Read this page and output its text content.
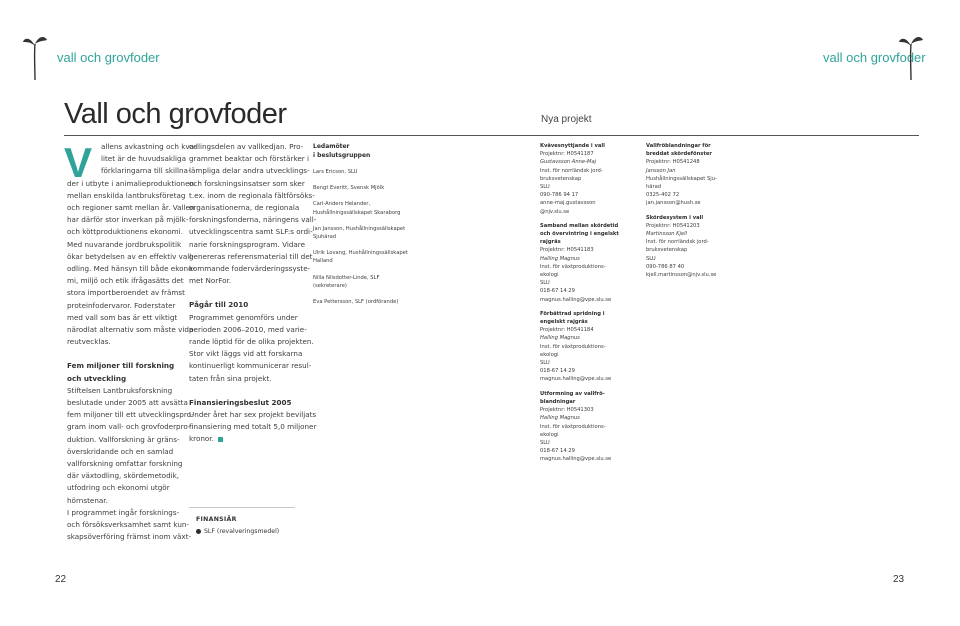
vall och grovfoder	vall och grovfoder
Vall och grovfoder	Nya projekt
V	allens avkastning och kva-

litet är de huvudsakliga

förklaringarna till skillna-

der i utbyte i animalieproduktionen

mellan enskilda lantbruksföretag

och regioner samt mellan år. Vallen

har därför stor inverkan på mjölk-

och köttproduktionens ekonomi.

Med nuvarande jordbrukspolitik

ökar betydelsen av en effektiv vall-

odling. Med hänsyn till både ekono-

mi, miljö och etik ifrågasätts det

stora importberoendet av främst

proteinfodervaror. Foderstater

med vall som bas är ett viktigt

närodlat alternativ som måste vida-

reutvecklas.

Fem miljoner till forskning

och utveckling

Stiftelsen Lantbruksforskning

beslutade under 2005 att avsätta

fem miljoner till ett utvecklingspro-

gram inom vall- och grovfoderpro-

duktion. Vallforskning är gräns-

överskridande och en samlad

vallforskning omfattar forskning

där växtodling, skördemetodik,

utfodring och ekonomi utgör

hörnstenar.

I programmet ingår forsknings-

och försöksverksamhet samt kun-

skapsöverföring främst inom växt-

odlingsdelen av vallkedjan. Pro-

grammet beaktar och förstärker i

lämpliga delar andra utvecklings-

och forskningsinsatser som sker

t.ex. inom de regionala fältförsöks-

organisationerna, de regionala

forskningsfonderna, näringens vall-

utvecklingscentra samt SLF:s ordi-

narie forskningsprogram. Vidare

genereras referensmaterial till det

kommande fodervärderingssyste-

met NorFor.

Pågår till 2010

Programmet genomförs under

perioden 2006–2010, med varie-

rande löptid för de olika projekten.

Stor vikt läggs vid att forskarna

kontinuerligt kommunicerar resul-

taten från sina projekt.

Finansieringsbeslut 2005

Under året har sex projekt beviljats

finansiering med totalt 5,0 miljoner

kronor.

FINANSIÄR
SLF (revalveringsmedel)

Ledamöter

i beslutsgruppen

Lars Ericson, SLU

Bengt Everitt, Svensk Mjölk

Carl-Anders Helander,

Hushållningssällskapet Skaraborg

Jan Jansson, Hushållningssällskapet

Sjuhärad

Ulrik Lovang, Hushållningssällskapet

Halland

Nilla Nilsdotter-Linde, SLF

(sekreterare)

Eva Pettersson, SLF (ordförande)

Kvävesnyttjande i vall

Projektnr: H0541187

Gustavsson Anne-Maj

Inst. för norrländsk jord-

bruksvetenskap

SLU

090-786 94 17

anne-maj.gustavsson

@njv.slu.se

Samband mellan skördetid

och övervintring i engelskt

rajgräs

Projektnr: H0541183

Halling Magnus

Inst. för växtproduktions-

ekologi

SLU

018-67 14 29

magnus.halling@vpe.slu.se

Förbättrad spridning i

engelskt rajgräs

Projektnr: H0541184

Halling Magnus

Inst. för växtproduktions-

ekologi

SLU

018-67 14 29

magnus.halling@vpe.slu.se

Utformning av vallfrö-

blandningar

Projektnr: H0541303

Halling Magnus

Inst. för växtproduktions-

ekologi

SLU

018-67 14 29

magnus.halling@vpe.slu.se

Vallfröblandningar för

breddat skördefönster

Projektnr: H0541248

Jansson Jan

Hushållningssällskapet Sju-

härad

0325-402 72

jan.jansson@hush.se

Skördesystem i vall

Projektnr: H0541203

Martinsson Kjell

Inst. för norrländsk jord-

bruksvetenskap

SLU

090-786 87 40

kjell.martinsson@njv.slu.se

22	23
